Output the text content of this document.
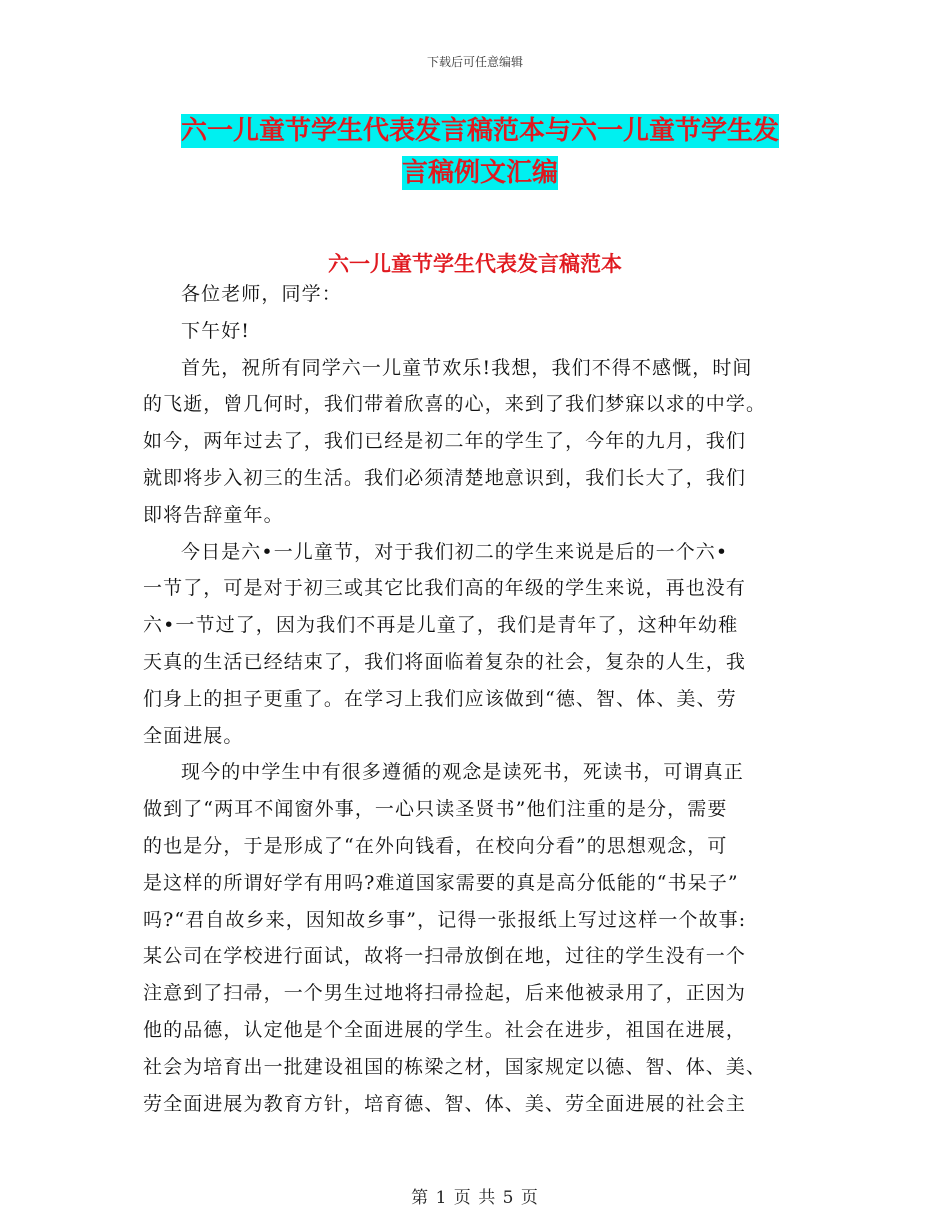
下载后可任意编辑
六一儿童节学生代表发言稿范本与六一儿童节学生发
言稿例文汇编
六一儿童节学生代表发言稿范本

各位老师，同学：

下午好!

首先，祝所有同学六一儿童节欢乐!我想，我们不得不感慨，时间
的飞逝，曾几何时，我们带着欣喜的心，来到了我们梦寐以求的中学。
如今，两年过去了，我们已经是初二年的学生了，今年的九月，我们
就即将步入初三的生活。我们必须清楚地意识到，我们长大了，我们
即将告辞童年。

今日是六•一儿童节，对于我们初二的学生来说是后的一个六•
一节了，可是对于初三或其它比我们高的年级的学生来说，再也没有
六•一节过了，因为我们不再是儿童了，我们是青年了，这种年幼稚
天真的生活已经结束了，我们将面临着复杂的社会，复杂的人生，我
们身上的担子更重了。在学习上我们应该做到“德、智、体、美、劳
全面进展。

现今的中学生中有很多遵循的观念是读死书，死读书，可谓真正
做到了“两耳不闻窗外事，一心只读圣贤书”他们注重的是分，需要
的也是分，于是形成了“在外向钱看，在校向分看”的思想观念，可
是这样的所谓好学有用吗?难道国家需要的真是高分低能的“书呆子”
吗?“君自故乡来，因知故乡事”，记得一张报纸上写过这样一个故事:
某公司在学校进行面试，故将一扫帚放倒在地，过往的学生没有一个
注意到了扫帚，一个男生过地将扫帚捡起，后来他被录用了，正因为
他的品德，认定他是个全面进展的学生。社会在进步，祖国在进展，
社会为培育出一批建设祖国的栋梁之材，国家规定以德、智、体、美、
劳全面进展为教育方针，培育德、智、体、美、劳全面进展的社会主

第 1 页 共 5 页
